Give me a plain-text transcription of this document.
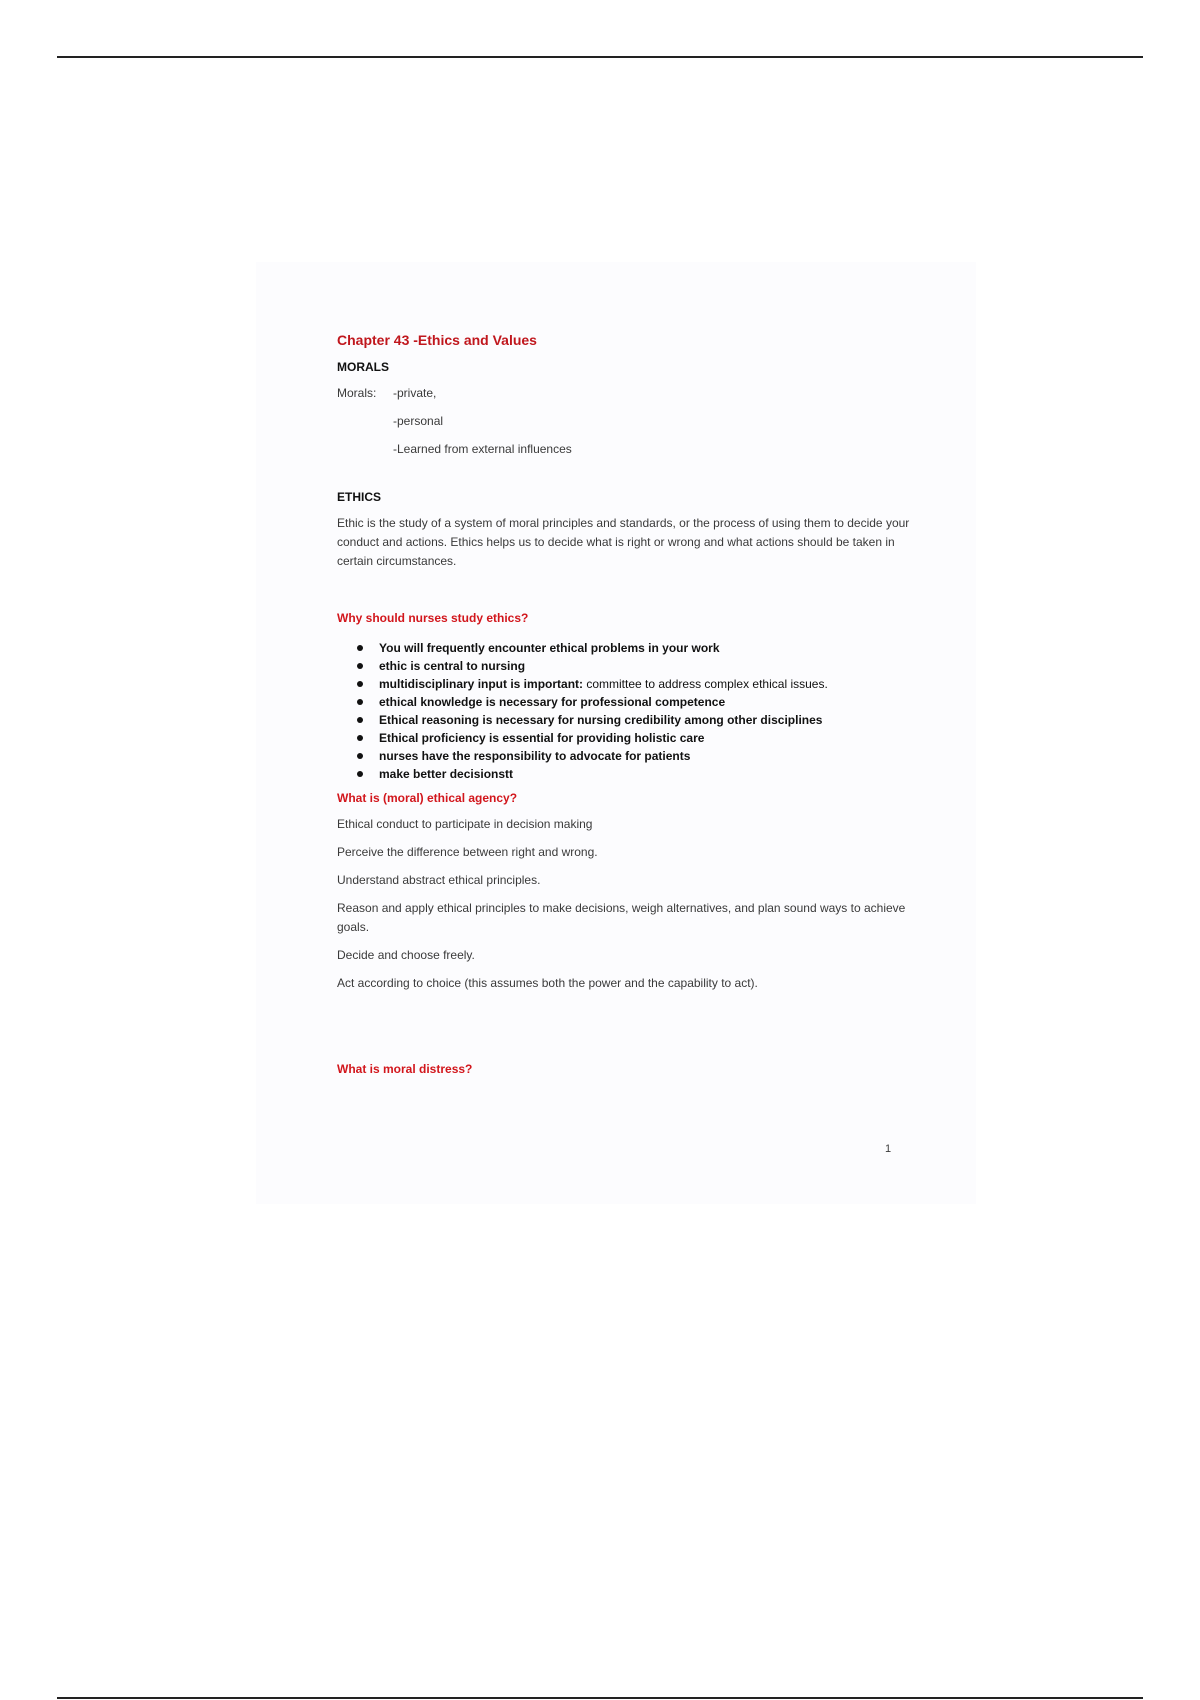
Chapter 43 -Ethics and Values
MORALS
Morals:	-private,
-personal
-Learned from external influences
ETHICS
Ethic is the study of a system of moral principles and standards, or the process of using them to decide your conduct and actions. Ethics helps us to decide what is right or wrong and what actions should be taken in certain circumstances.
Why should nurses study ethics?
You will frequently encounter ethical problems in your work
ethic is central to nursing
multidisciplinary input is important: committee to address complex ethical issues.
ethical knowledge is necessary for professional competence
Ethical reasoning is necessary for nursing credibility among other disciplines
Ethical proficiency is essential for providing holistic care
nurses have the responsibility to advocate for patients
make better decisionstt
What is (moral) ethical agency?
Ethical conduct to participate in decision making
Perceive the difference between right and wrong.
Understand abstract ethical principles.
Reason and apply ethical principles to make decisions, weigh alternatives, and plan sound ways to achieve goals.
Decide and choose freely.
Act according to choice (this assumes both the power and the capability to act).
What is moral distress?
1
